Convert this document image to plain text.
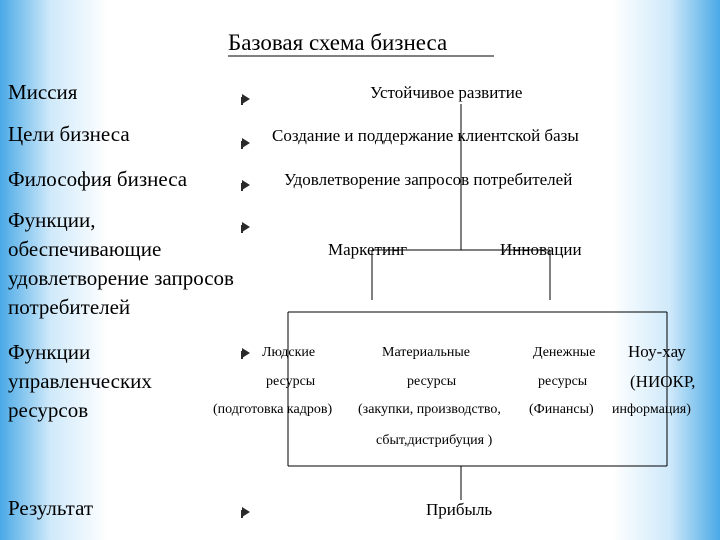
Базовая схема бизнеса
Миссия
Цели бизнеса
Философия бизнеса
Функции,
обеспечивающие
удовлетворение запросов
потребителей
Функции
управленческих
ресурсов
Результат
Устойчивое развитие
Создание и поддержание клиентской базы
Удовлетворение запросов потребителей
Маркетинг	Инновации
Людские
ресурсы
Материальные
ресурсы
Денежные
ресурсы
Ноу-хау
(НИОКР,
(подготовка кадров) (закупки, производство, (Финансы) информация)
сбыт,дистрибуция )
Прибыль
